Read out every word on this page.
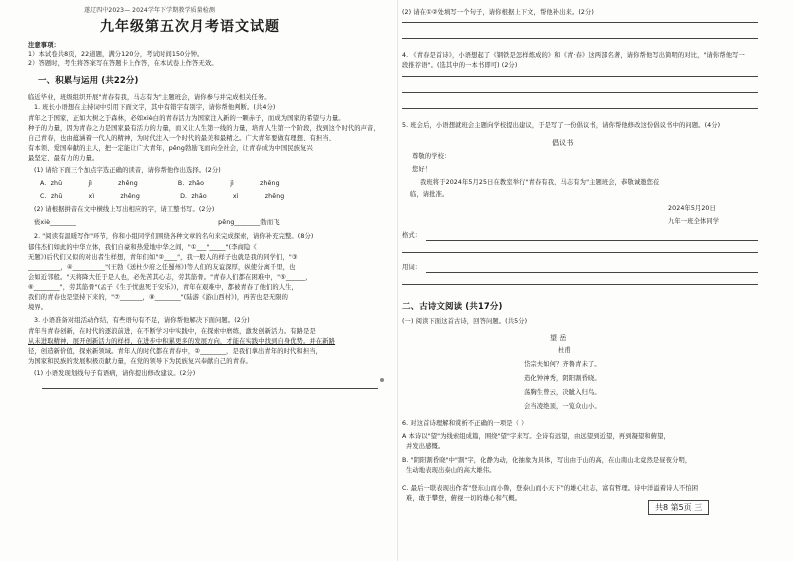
遂辽四中2023— 2024学年下学期教学质量检测
九年级第五次月考语文试题
注意事项：
1）本试卷共8页，22道题，满分120分，考试时间150分钟。
2）答题时，考生将答案写在答题卡上作答，在本试卷上作答无效。
一、积累与运用 (共22分)
临近毕业，班级组织开展"青春有我，马志有为"主题班会，请你参与并完成相关任务。
1. 班长小语想在主持词中引用下面文字，其中有错字有别字，请你帮他判断。(共4分)
青年之于国家，正如大树之于森林，必如xiè白的青春活力为国家注入新的一颗赤子，而成为国家的希望与力量。
种子的力量，因为青春之力是国家最有活力的力量，而又让人生第一线的力量，培育人生第一个阶段，找到这个时代的声音，
自己青春，也由蕴涵着一代人的精神，为时代注入一个时代的最美和最精之。广大青年要做有理想、有担当、
有本领、爱国奉献的主人，把一定能让广大青年，pēng勃励飞而向全社会，让青春成为中国民族复兴
最坚定、最有力的力量。
(1) 请给下面三个加点字选正确的读音，请你帮他作出选择。(2分)
A. zhū	jì	zhēng	B. zhāo	jì	zhěng
C. zhū	xì	zhēng	D. zhāo	xì	zhēng
(2) 请根据拼音在文中横线上写出相应的字，请工整书写。(2分)
亵xiè________	pēng________勃而飞
2. "阅读有温暖写作"环节，你和小组同学们围绕各种文章的名句来完成探索，请你补充完整。(8分)
郁伟杰们如此的中华立体，我们自豪和热爱地中华之间，"①___"_____"(李商隐《
无题》)后代们又似的对出者生样想，青年们如"②____"，我一般人的样子也就是我的同学们，"③
__________，④__________"(王勃《送杜少府之任蜀州》)等人们的友谊深厚，纵使分离千里，也
会如近邻般。"天将降大任于是人也，必先苦其心志，劳其筋骨。"青春人们都在困难中，"⑤______，
⑥________"，劳其筋骨"(孟子《生于忧患死于安乐》)，青年在艰难中，都被青春了他们的人生，
我们的青春也是坚持下来的，"⑦_______，⑧________"(陆游《游山西村》)，再苦也是无限的
境界。
3. 小语准备对组活动作结，有些语句有不足，请你帮他解决下面问题。(2分)
青年当青春创新，在时代的逐浪前进，在不断学习中实践中，在探索中磨练，激发创新活力。有路是是
从未进取精神，展开创新活力的样样，在进步中积累更多的发展方向，才能在实践中找到自身优势。并在新路
径，创造新价值，探索新领域。青年人的时代都在青春中，②________，是我们拿出青年的时代和担当，
为国家和民族的发展积极贡献力量，在党的领导下为民族复兴奉献自己的青春。
(1) 小语发现划线句子有语病，请你提出修改建议。(2分)
(2) 请在①②处填写一个句子，请你根据上下文，帮他补出来。(2分)
4. 《青春是首诗》，小语想起了《钢铁是怎样炼成的》和《青·春》这两部名著，请你帮他写出简明的对比，"请你帮他写一
段推荐语"。(选其中的一本书即可) (2分)
5. 班会后，小语想就班会主题向学校提出建议，于是写了一份倡议书，请你帮他修改这份倡议书中的问题。(4分)
倡议书
尊敬的学校：
您好！
我班将于2024年5月25日在教室举行"青春有我，马志有为"主题班会，恭敬诚邀您莅
临，请批准。
2024年5月20日
九年一班全体同学
格式：
用词：
二、古诗文阅读 (共17分)
(一) 阅读下面这首古诗，回答问题。(共5分)
望 岳
杜甫
岱宗夫如何？齐鲁青未了。
造化钟神秀，阴阳割昏晓。
荡胸生曾云，决眦入归鸟。
会当凌绝顶，一览众山小。
6. 对这首诗理解和赏析不正确的一项是（ ）
A 本诗以"望"为线索组成篇，围绕"望"字来写。全诗有远望，由远望到近望，再到凝望和俯望，
并发出感慨。
B. "阴阳割昏晓"中"割"字，化静为动，化抽象为具体，写出由于山的高，在山南山北竟然是昼夜分明，
生动地表现出泰山的高大雄伟。
C. 最后一联表现出作者"登东山而小鲁，登泰山而小天下"的雄心壮志，富有哲理。诗中洋溢着诗人不怕困
难，敢于攀登，俯视一切的雄心和气概。
共8 第5页 三
